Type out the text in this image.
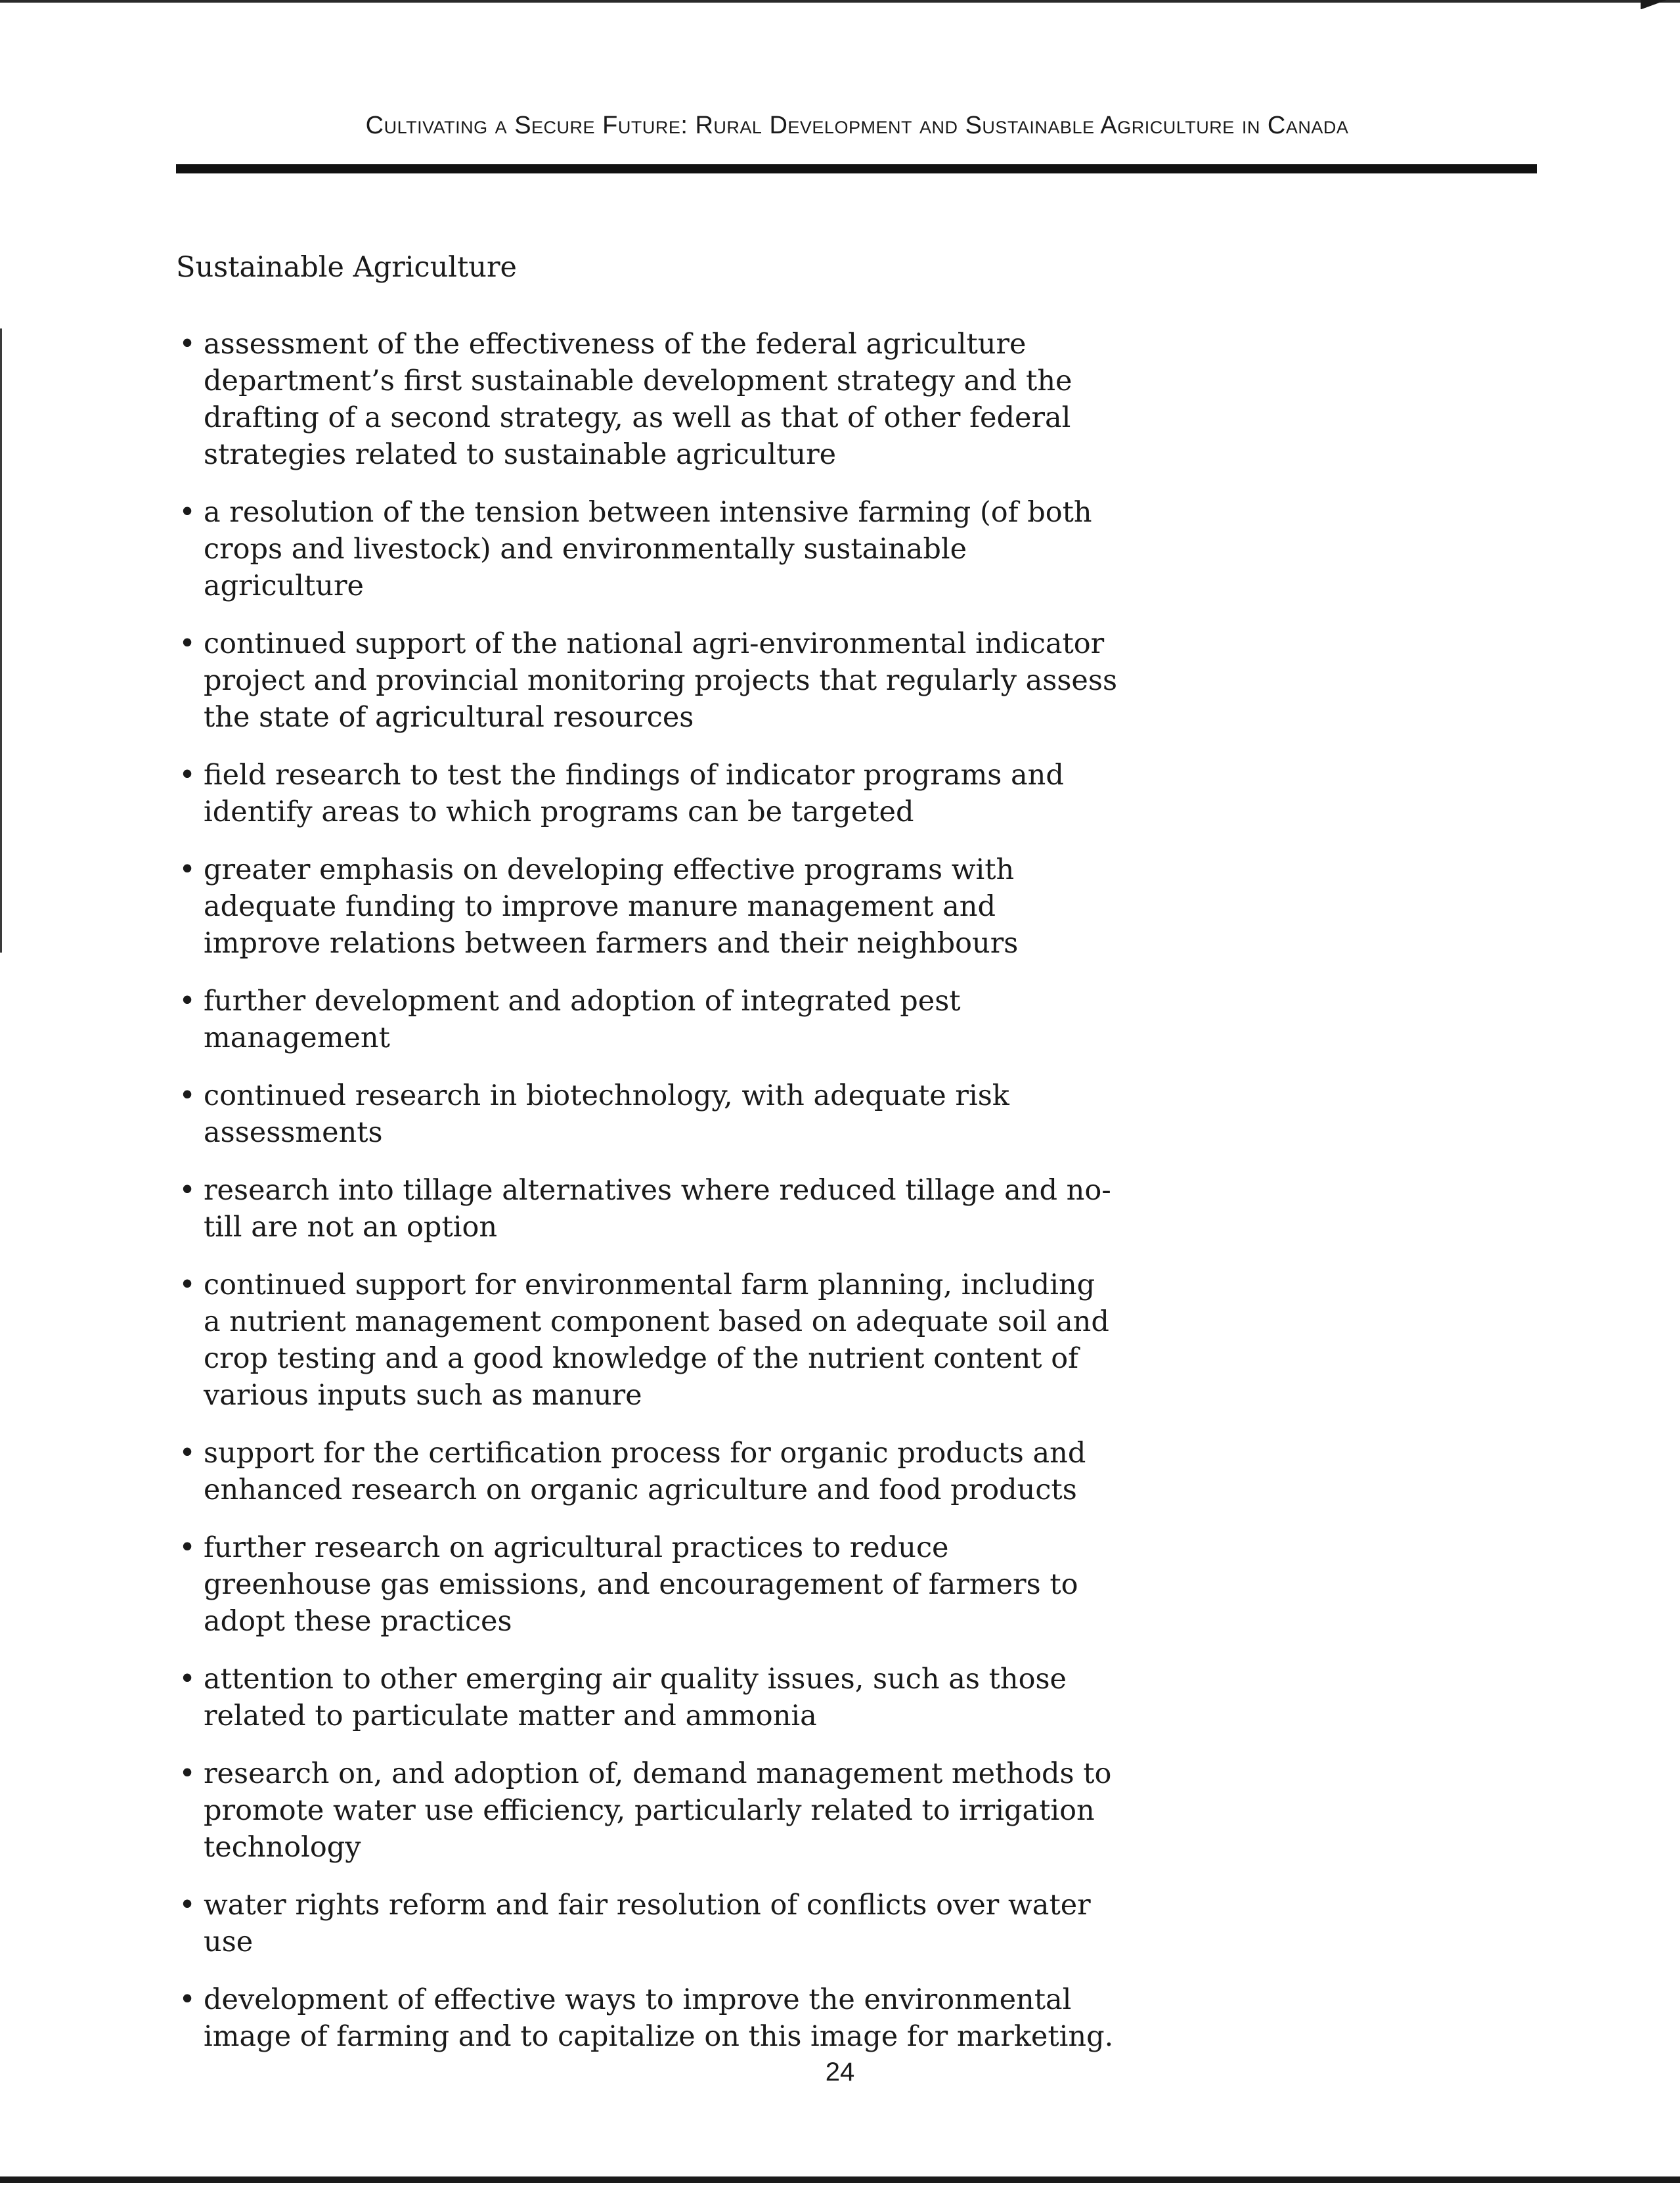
Cultivating a Secure Future: Rural Development and Sustainable Agriculture in Canada
Sustainable Agriculture
• assessment of the effectiveness of the federal agriculture department’s first sustainable development strategy and the drafting of a second strategy, as well as that of other federal strategies related to sustainable agriculture
• a resolution of the tension between intensive farming (of both crops and livestock) and environmentally sustainable agriculture
• continued support of the national agri-environmental indicator project and provincial monitoring projects that regularly assess the state of agricultural resources
• field research to test the findings of indicator programs and identify areas to which programs can be targeted
• greater emphasis on developing effective programs with adequate funding to improve manure management and improve relations between farmers and their neighbours
• further development and adoption of integrated pest management
• continued research in biotechnology, with adequate risk assessments
• research into tillage alternatives where reduced tillage and no-till are not an option
• continued support for environmental farm planning, including a nutrient management component based on adequate soil and crop testing and a good knowledge of the nutrient content of various inputs such as manure
• support for the certification process for organic products and enhanced research on organic agriculture and food products
• further research on agricultural practices to reduce greenhouse gas emissions, and encouragement of farmers to adopt these practices
• attention to other emerging air quality issues, such as those related to particulate matter and ammonia
• research on, and adoption of, demand management methods to promote water use efficiency, particularly related to irrigation technology
• water rights reform and fair resolution of conflicts over water use
• development of effective ways to improve the environmental image of farming and to capitalize on this image for marketing.
24
